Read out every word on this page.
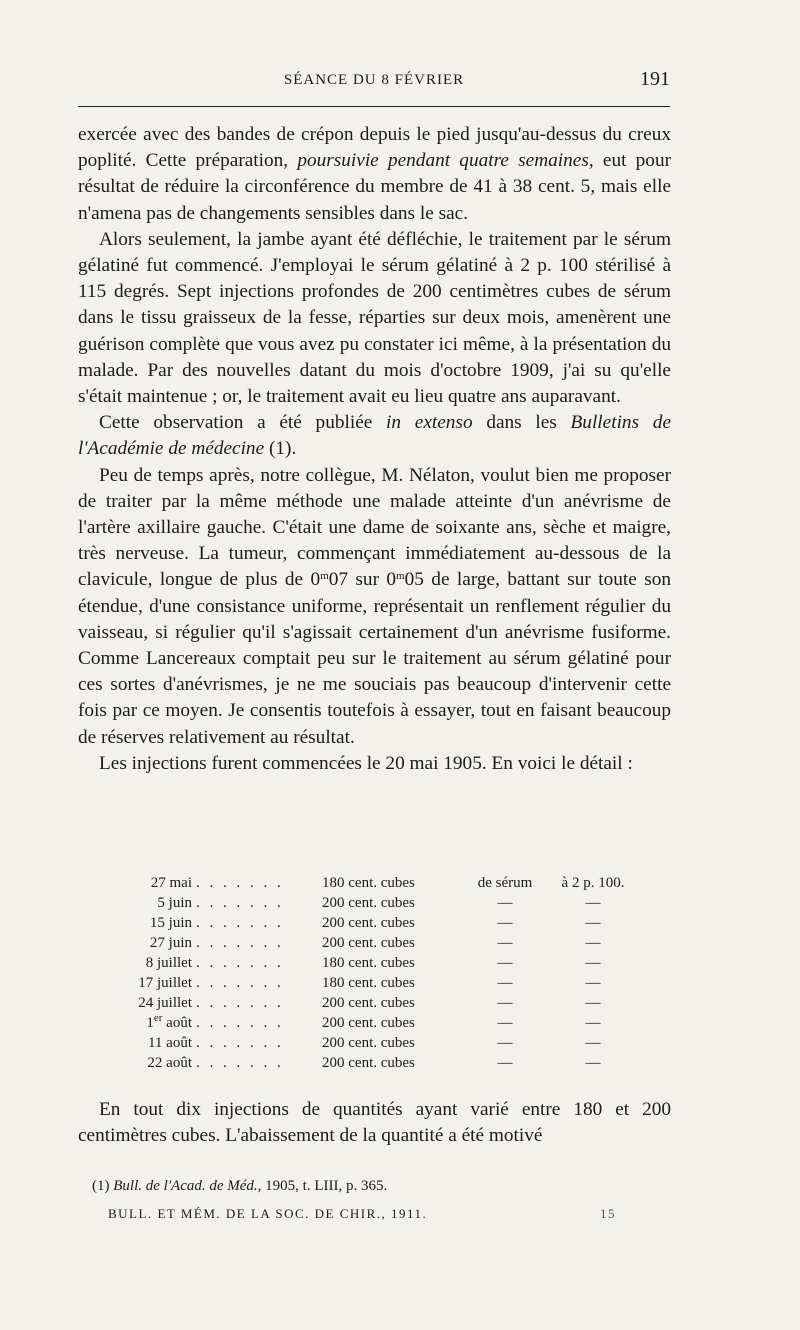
SÉANCE DU 8 FÉVRIER	191

exercée avec des bandes de crépon depuis le pied jusqu'au-dessus du creux poplité. Cette préparation, poursuivie pendant quatre semaines, eut pour résultat de réduire la circonférence du membre de 41 à 38 cent. 5, mais elle n'amena pas de changements sensibles dans le sac.

Alors seulement, la jambe ayant été défléchie, le traitement par le sérum gélatiné fut commencé. J'employai le sérum gélatiné à 2 p. 100 stérilisé à 115 degrés. Sept injections profondes de 200 centimètres cubes de sérum dans le tissu graisseux de la fesse, réparties sur deux mois, amenèrent une guérison complète que vous avez pu constater ici même, à la présentation du malade. Par des nouvelles datant du mois d'octobre 1909, j'ai su qu'elle s'était maintenue ; or, le traitement avait eu lieu quatre ans auparavant.

Cette observation a été publiée in extenso dans les Bulletins de l'Académie de médecine (1).

Peu de temps après, notre collègue, M. Nélaton, voulut bien me proposer de traiter par la même méthode une malade atteinte d'un anévrisme de l'artère axillaire gauche. C'était une dame de soixante ans, sèche et maigre, très nerveuse. La tumeur, commençant immédiatement au-dessous de la clavicule, longue de plus de 0$^m$07 sur 0$^m$05 de large, battant sur toute son étendue, d'une consistance uniforme, représentait un renflement régulier du vaisseau, si régulier qu'il s'agissait certainement d'un anévrisme fusiforme. Comme Lancereaux comptait peu sur le traitement au sérum gélatiné pour ces sortes d'anévrismes, je ne me souciais pas beaucoup d'intervenir cette fois par ce moyen. Je consentis toutefois à essayer, tout en faisant beaucoup de réserves relativement au résultat.

Les injections furent commencées le 20 mai 1905. En voici le détail :

27 mai	. . . . . . .	180 cent. cubes	de sérum	à 2 p. 100.
5 juin	. . . . . . .	200 cent. cubes	—	—
15 juin	. . . . . . .	200 cent. cubes	—	—
27 juin	. . . . . . .	200 cent. cubes	—	—
8 juillet	. . . . . . .	180 cent. cubes	—	—
17 juillet	. . . . . . .	180 cent. cubes	—	—
24 juillet	. . . . . . .	200 cent. cubes	—	—
1er août	. . . . . . .	200 cent. cubes	—	—
11 août	. . . . . . .	200 cent. cubes	—	—
22 août	. . . . . . .	200 cent. cubes	—	—

En tout dix injections de quantités ayant varié entre 180 et 200 centimètres cubes. L'abaissement de la quantité a été motivé

(1) Bull. de l'Acad. de Méd., 1905, t. LIII, p. 365.
BULL. ET MÉM. DE LA SOC. DE CHIR., 1911.	15
